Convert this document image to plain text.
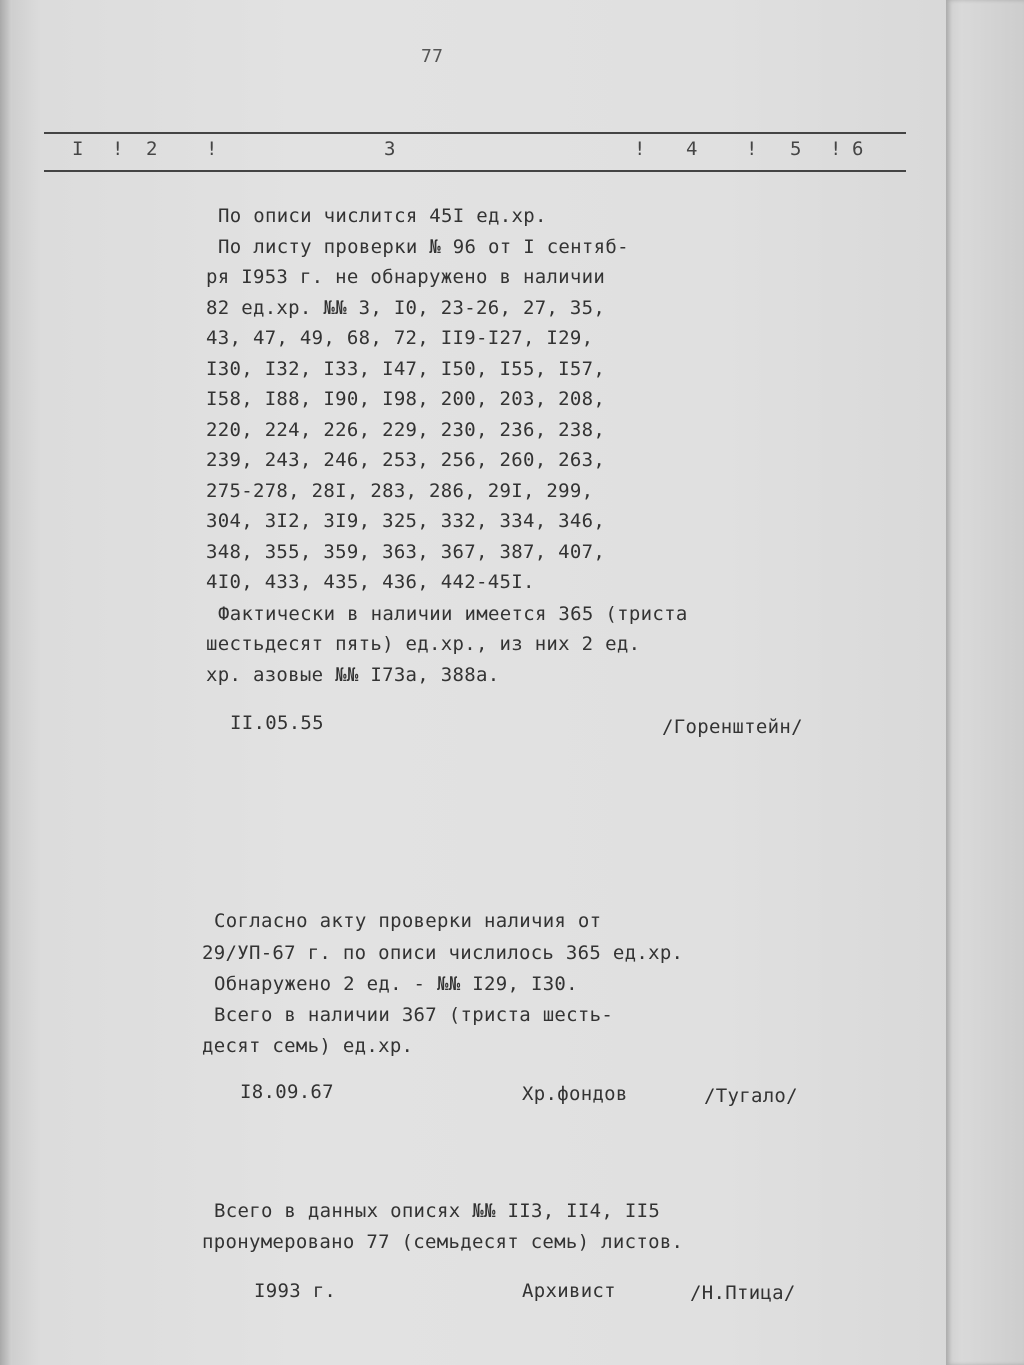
77
I ! 2	!	3	! 4	! 5 ! 6
По описи числится 45I ед.хр.
По листу проверки № 96 от I сентяб-
ря I953 г. не обнаружено в наличии
82 ед.хр. №№ 3, I0, 23-26, 27, 35,
43, 47, 49, 68, 72, II9-I27, I29,
I30, I32, I33, I47, I50, I55, I57,
I58, I88, I90, I98, 200, 203, 208,
220, 224, 226, 229, 230, 236, 238,
239, 243, 246, 253, 256, 260, 263,
275-278, 28I, 283, 286, 29I, 299,
304, 3I2, 3I9, 325, 332, 334, 346,
348, 355, 359, 363, 367, 387, 407,
4I0, 433, 435, 436, 442-45I.
Фактически в наличии имеется 365 (триста
шестьдесят пять) ед.хр., из них 2 ед.
хр. азовые №№ I73а, 388а.
II.05.55	/Горенштейн/
Согласно акту проверки наличия от
29/УП-67 г. по описи числилось 365 ед.хр.
Обнаружено 2 ед. - №№ I29, I30.
Всего в наличии 367 (триста шесть-
десят семь) ед.хр.
I8.09.67	Хр.фондов	/Тугало/
Всего в данных описях №№ II3, II4, II5
пронумеровано 77 (семьдесят семь) листов.
I993 г.	Архивист	/Н.Птица/
